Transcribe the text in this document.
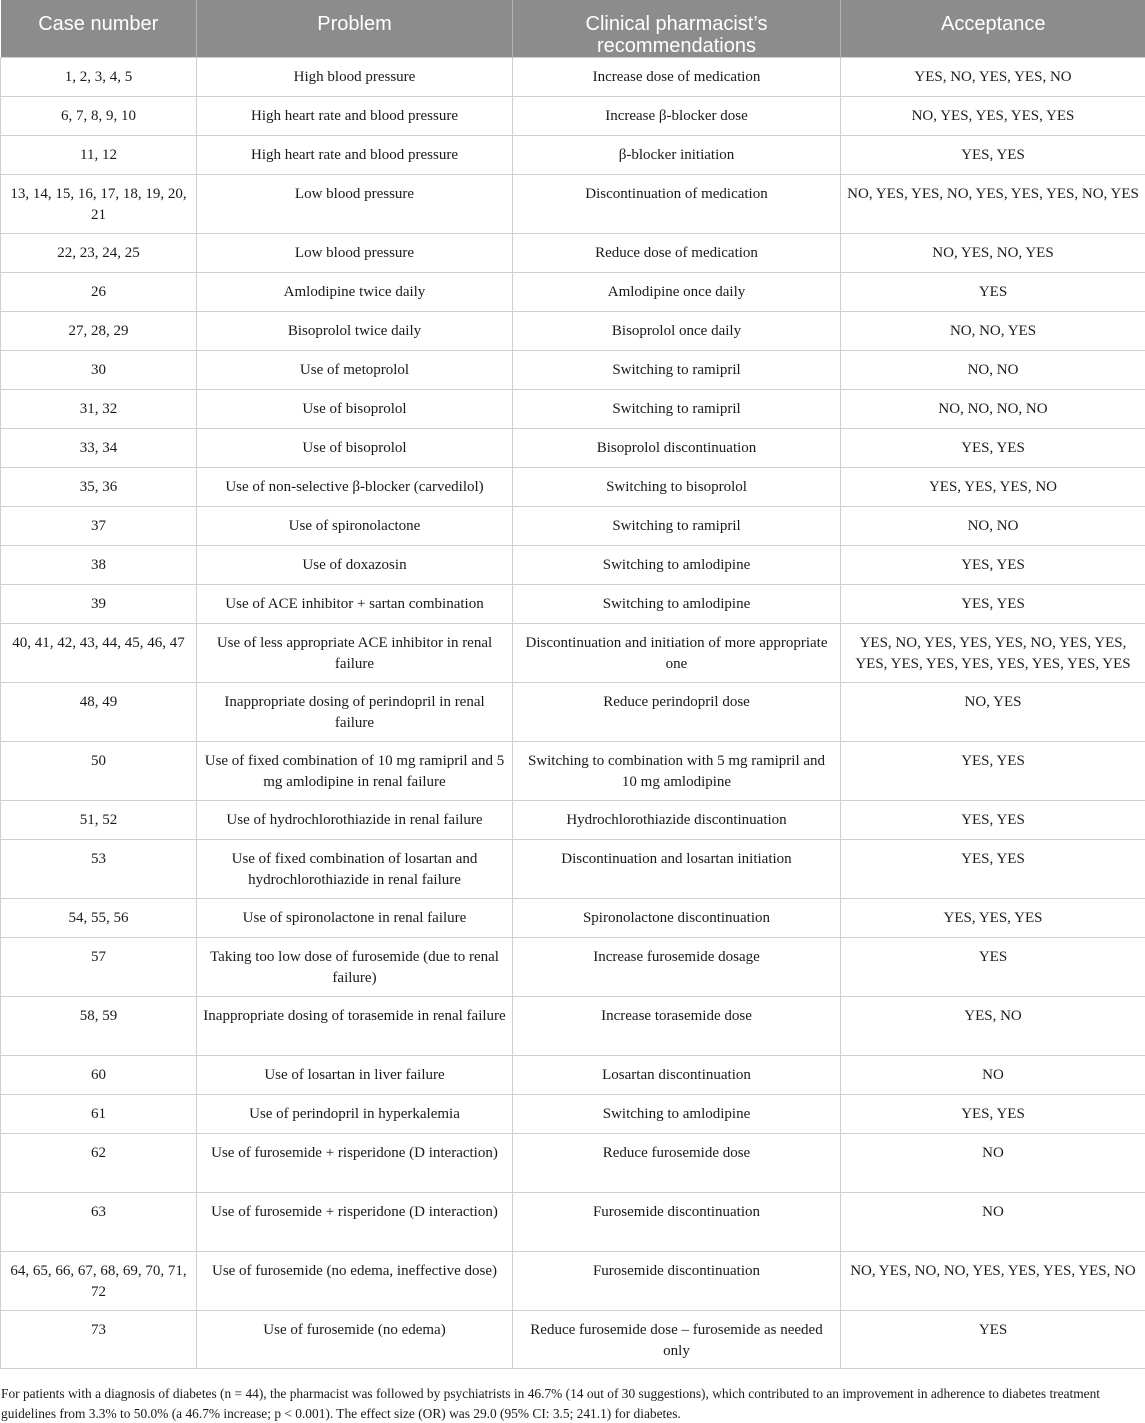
Case number	Problem	Clinical pharmacist’s recommendations	Acceptance
1, 2, 3, 4, 5	High blood pressure	Increase dose of medication	YES, NO, YES, YES, NO
6, 7, 8, 9, 10	High heart rate and blood pressure	Increase β-blocker dose	NO, YES, YES, YES, YES
11, 12	High heart rate and blood pressure	β-blocker initiation	YES, YES
13, 14, 15, 16, 17, 18, 19, 20, 21	Low blood pressure	Discontinuation of medication	NO, YES, YES, NO, YES, YES, YES, NO, YES
22, 23, 24, 25	Low blood pressure	Reduce dose of medication	NO, YES, NO, YES
26	Amlodipine twice daily	Amlodipine once daily	YES
27, 28, 29	Bisoprolol twice daily	Bisoprolol once daily	NO, NO, YES
30	Use of metoprolol	Switching to ramipril	NO, NO
31, 32	Use of bisoprolol	Switching to ramipril	NO, NO, NO, NO
33, 34	Use of bisoprolol	Bisoprolol discontinuation	YES, YES
35, 36	Use of non-selective β-blocker (carvedilol)	Switching to bisoprolol	YES, YES, YES, NO
37	Use of spironolactone	Switching to ramipril	NO, NO
38	Use of doxazosin	Switching to amlodipine	YES, YES
39	Use of ACE inhibitor + sartan combination	Switching to amlodipine	YES, YES
40, 41, 42, 43, 44, 45, 46, 47	Use of less appropriate ACE inhibitor in renal failure	Discontinuation and initiation of more appropriate one	YES, NO, YES, YES, YES, NO, YES, YES, YES, YES, YES, YES, YES, YES, YES, YES
48, 49	Inappropriate dosing of perindopril in renal failure	Reduce perindopril dose	NO, YES
50	Use of fixed combination of 10 mg ramipril and 5 mg amlodipine in renal failure	Switching to combination with 5 mg ramipril and 10 mg amlodipine	YES, YES
51, 52	Use of hydrochlorothiazide in renal failure	Hydrochlorothiazide discontinuation	YES, YES
53	Use of fixed combination of losartan and hydrochlorothiazide in renal failure	Discontinuation and losartan initiation	YES, YES
54, 55, 56	Use of spironolactone in renal failure	Spironolactone discontinuation	YES, YES, YES
57	Taking too low dose of furosemide (due to renal failure)	Increase furosemide dosage	YES
58, 59	Inappropriate dosing of torasemide in renal failure	Increase torasemide dose	YES, NO
60	Use of losartan in liver failure	Losartan discontinuation	NO
61	Use of perindopril in hyperkalemia	Switching to amlodipine	YES, YES
62	Use of furosemide + risperidone (D interaction)	Reduce furosemide dose	NO
63	Use of furosemide + risperidone (D interaction)	Furosemide discontinuation	NO
64, 65, 66, 67, 68, 69, 70, 71, 72	Use of furosemide (no edema, ineffective dose)	Furosemide discontinuation	NO, YES, NO, NO, YES, YES, YES, YES, NO
73	Use of furosemide (no edema)	Reduce furosemide dose – furosemide as needed only	YES
For patients with a diagnosis of diabetes (n = 44), the pharmacist was followed by psychiatrists in 46.7% (14 out of 30 suggestions), which contributed to an improvement in adherence to diabetes treatment guidelines from 3.3% to 50.0% (a 46.7% increase; p < 0.001). The effect size (OR) was 29.0 (95% CI: 3.5; 241.1) for diabetes.
